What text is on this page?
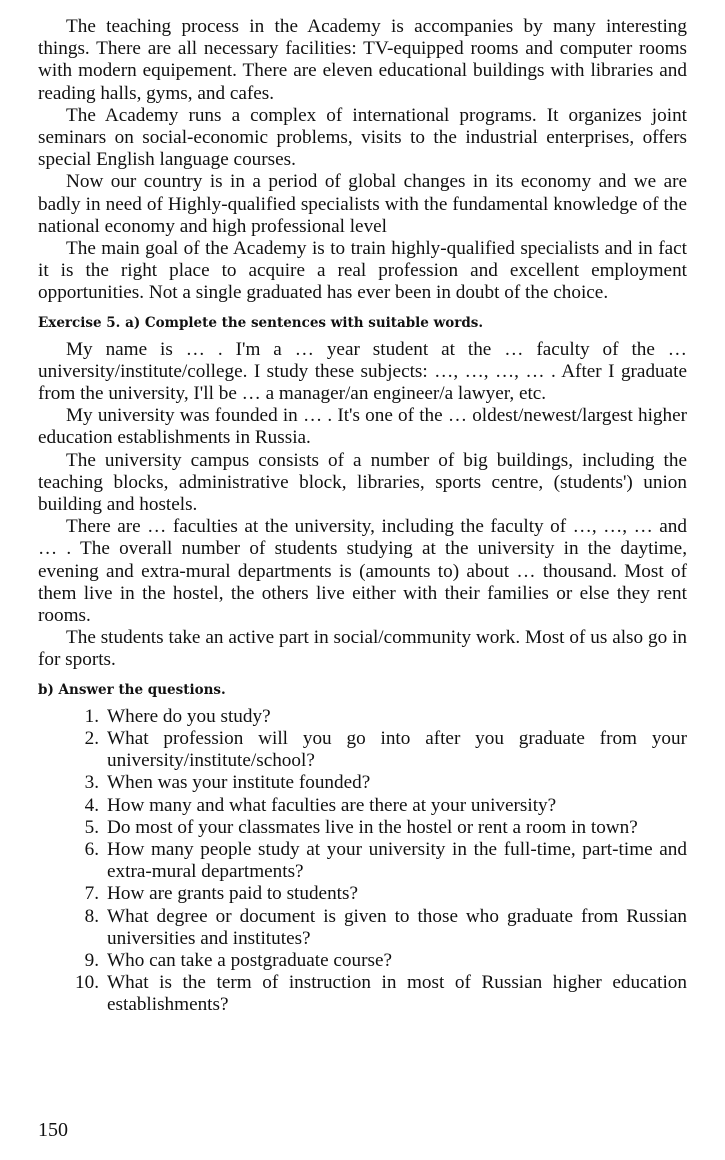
The teaching process in the Academy is accompanies by many interesting things. There are all necessary facilities: TV-equipped rooms and computer rooms with modern equipement. There are eleven educational buildings with libraries and reading halls, gyms, and cafes.

The Academy runs a complex of international programs. It organizes joint seminars on social-economic problems, visits to the industrial enterprises, offers special English language courses.

Now our country is in a period of global changes in its economy and we are badly in need of Highly-qualified specialists with the fundamental knowledge of the national economy and high professional level

The main goal of the Academy is to train highly-qualified specialists and in fact it is the right place to acquire a real profession and excellent employment opportunities. Not a single graduated has ever been in doubt of the choice.

Exercise 5. a) Complete the sentences with suitable words.

My name is … . I'm a … year student at the … faculty of the … university/institute/college. I study these subjects: …, …, …, … . After I graduate from the university, I'll be … a manager/an engineer/a lawyer, etc.

My university was founded in … . It's one of the … oldest/newest/largest higher education establishments in Russia.

The university campus consists of a number of big buildings, including the teaching blocks, administrative block, libraries, sports centre, (students') union building and hostels.

There are … faculties at the university, including the faculty of …, …, … and … . The overall number of students studying at the university in the daytime, evening and extra-mural departments is (amounts to) about … thousand. Most of them live in the hostel, the others live either with their families or else they rent rooms.

The students take an active part in social/community work. Most of us also go in for sports.

b) Answer the questions.
1. Where do you study?
2. What profession will you go into after you graduate from your university/institute/school?
3. When was your institute founded?
4. How many and what faculties are there at your university?
5. Do most of your classmates live in the hostel or rent a room in town?
6. How many people study at your university in the full-time, part-time and extra-mural departments?
7. How are grants paid to students?
8. What degree or document is given to those who graduate from Russian universities and institutes?
9. Who can take a postgraduate course?
10. What is the term of instruction in most of Russian higher education establishments?
150
